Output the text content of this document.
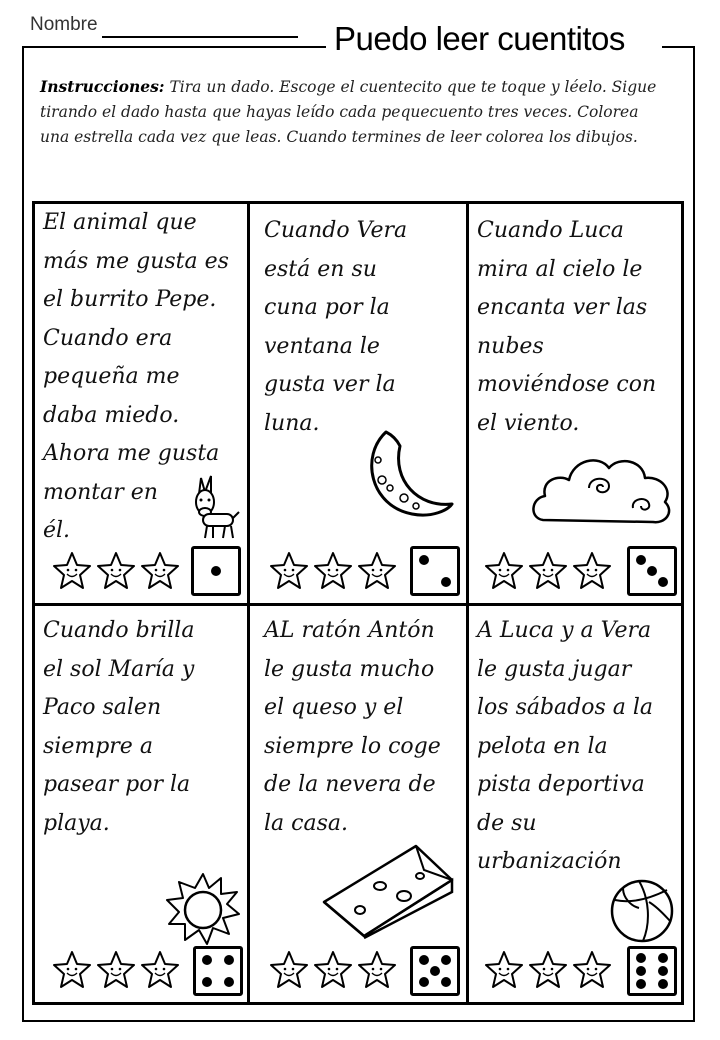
Nombre	Puedo leer cuentitos
Instrucciones: Tira un dado. Escoge el cuentecito que te toque y léelo. Sigue tirando el dado hasta que hayas leído cada pequecuento tres veces. Colorea una estrella cada vez que leas. Cuando termines de leer colorea los dibujos.
El animal que
más me gusta es
el burrito Pepe.
Cuando era
pequeña me
daba miedo.
Ahora me gusta
montar en
él.
Cuando Vera
está en su
cuna por la
ventana le
gusta ver la
luna.
Cuando Luca
mira al cielo le
encanta ver las
nubes
moviéndose con
el viento.
Cuando brilla
el sol María y
Paco salen
siempre a
pasear por la
playa.
AL ratón Antón
le gusta mucho
el queso y el
siempre lo coge
de la nevera de
la casa.
A Luca y a Vera
le gusta jugar
los sábados a la
pelota en la
pista deportiva
de su
urbanización
